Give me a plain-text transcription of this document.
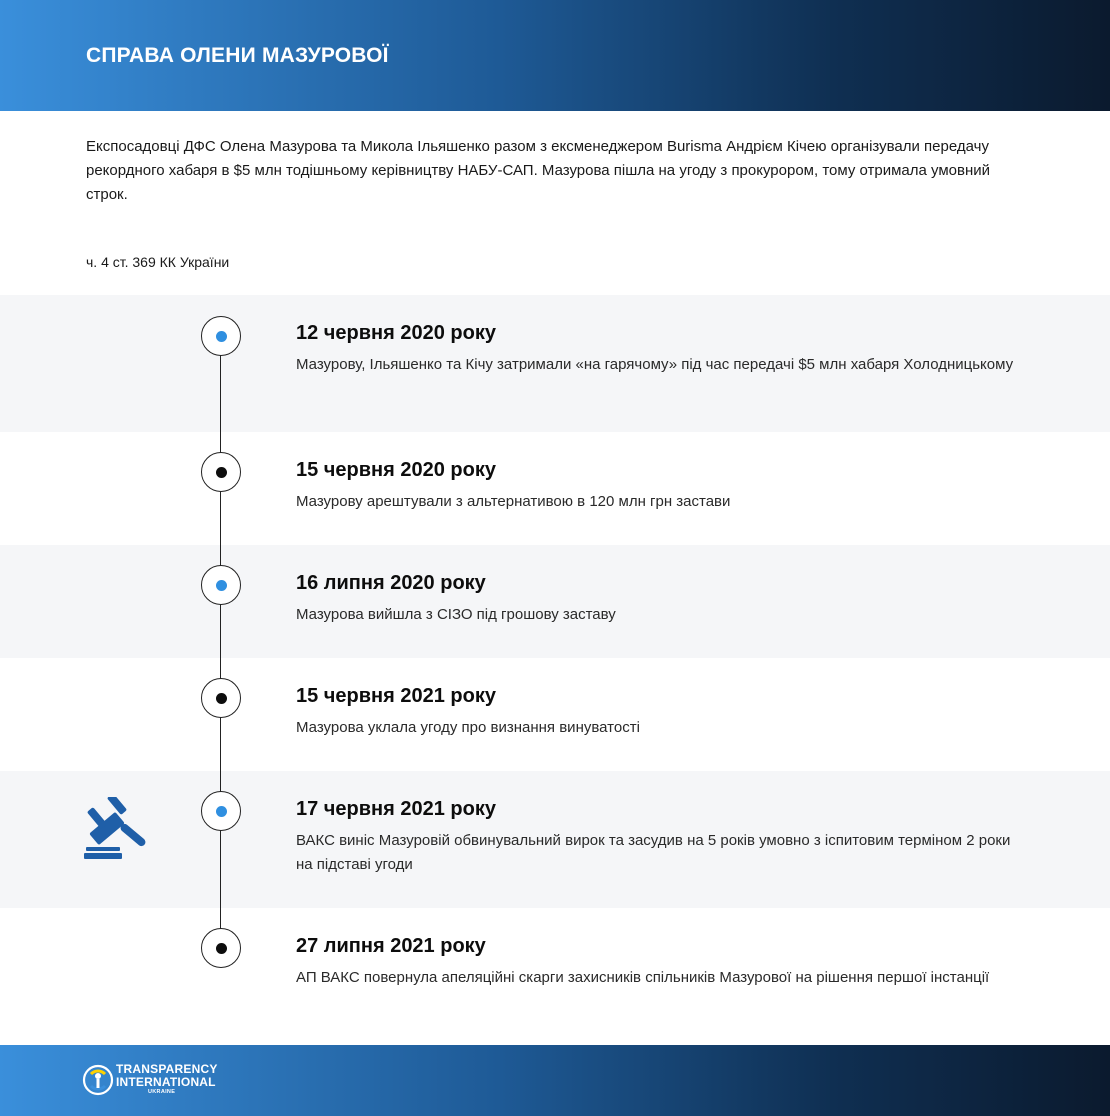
СПРАВА ОЛЕНИ МАЗУРОВОЇ
Експосадовці ДФС Олена Мазурова та Микола Ільяшенко разом з ексменеджером Burisma Андрієм Кічею організували передачу рекордного хабаря в $5 млн тодішньому керівництву НАБУ-САП. Мазурова пішла на угоду з прокурором, тому отримала умовний строк.
ч. 4 ст. 369 КК України
12 червня 2020 року
Мазурову, Ільяшенко та Кічу затримали «на гарячому» під час передачі $5 млн хабаря Холодницькому
15 червня 2020 року
Мазурову арештували з альтернативою в 120 млн грн застави
16 липня 2020 року
Мазурова вийшла з СІЗО під грошову заставу
15 червня 2021 року
Мазурова уклала угоду про визнання винуватості
17 червня 2021 року
ВАКС виніс Мазуровій обвинувальний вирок та засудив на 5 років умовно з іспитовим терміном 2 роки на підставі угоди
27 липня 2021 року
АП ВАКС повернула апеляційні скарги захисників спільників Мазурової на рішення першої інстанції
TRANSPARENCY
INTERNATIONAL
UKRAINE
